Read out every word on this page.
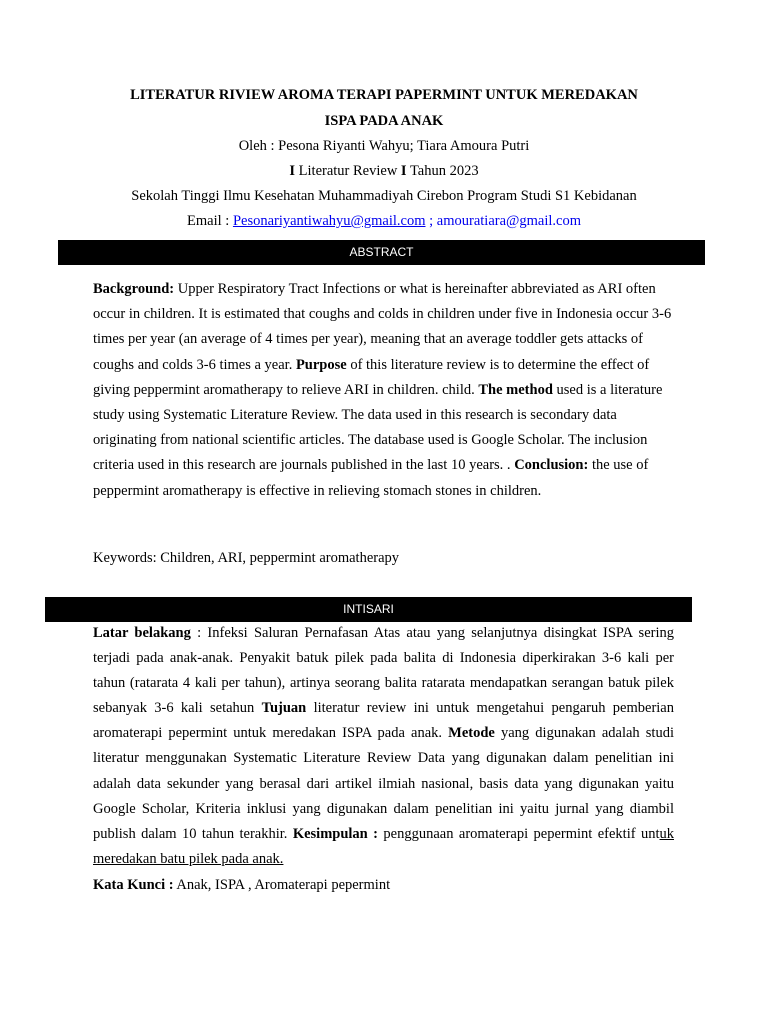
LITERATUR RIVIEW AROMA TERAPI PAPERMINT UNTUK MEREDAKAN
ISPA PADA ANAK
Oleh : Pesona Riyanti Wahyu; Tiara Amoura Putri
I Literatur Review I Tahun 2023
Sekolah Tinggi Ilmu Kesehatan Muhammadiyah Cirebon Program Studi S1 Kebidanan
Email : Pesonariyantiwahyu@gmail.com ; amouratiara@gmail.com
ABSTRACT

Background: Upper Respiratory Tract Infections or what is hereinafter abbreviated as ARI often occur in children. It is estimated that coughs and colds in children under five in Indonesia occur 3-6 times per year (an average of 4 times per year), meaning that an average toddler gets attacks of coughs and colds 3-6 times a year. Purpose of this literature review is to determine the effect of giving peppermint aromatherapy to relieve ARI in children. child. The method used is a literature study using Systematic Literature Review. The data used in this research is secondary data originating from national scientific articles. The database used is Google Scholar. The inclusion criteria used in this research are journals published in the last 10 years. . Conclusion: the use of peppermint aromatherapy is effective in relieving stomach stones in children.

Keywords: Children, ARI, peppermint aromatherapy
INTISARI

Latar belakang : Infeksi Saluran Pernafasan Atas atau yang selanjutnya disingkat ISPA sering terjadi pada anak-anak. Penyakit batuk pilek pada balita di Indonesia diperkirakan 3-6 kali per tahun (ratarata 4 kali per tahun), artinya seorang balita ratarata mendapatkan serangan batuk pilek sebanyak 3-6 kali setahun Tujuan literatur review ini untuk mengetahui pengaruh pemberian aromaterapi pepermint untuk meredakan ISPA pada anak. Metode yang digunakan adalah studi literatur menggunakan Systematic Literature Review Data yang digunakan dalam penelitian ini adalah data sekunder yang berasal dari artikel ilmiah nasional, basis data yang digunakan yaitu Google Scholar, Kriteria inklusi yang digunakan dalam penelitian ini yaitu jurnal yang diambil publish dalam 10 tahun terakhir. Kesimpulan : penggunaan aromaterapi pepermint efektif untuk meredakan batu pilek pada anak.

Kata Kunci : Anak, ISPA , Aromaterapi pepermint
